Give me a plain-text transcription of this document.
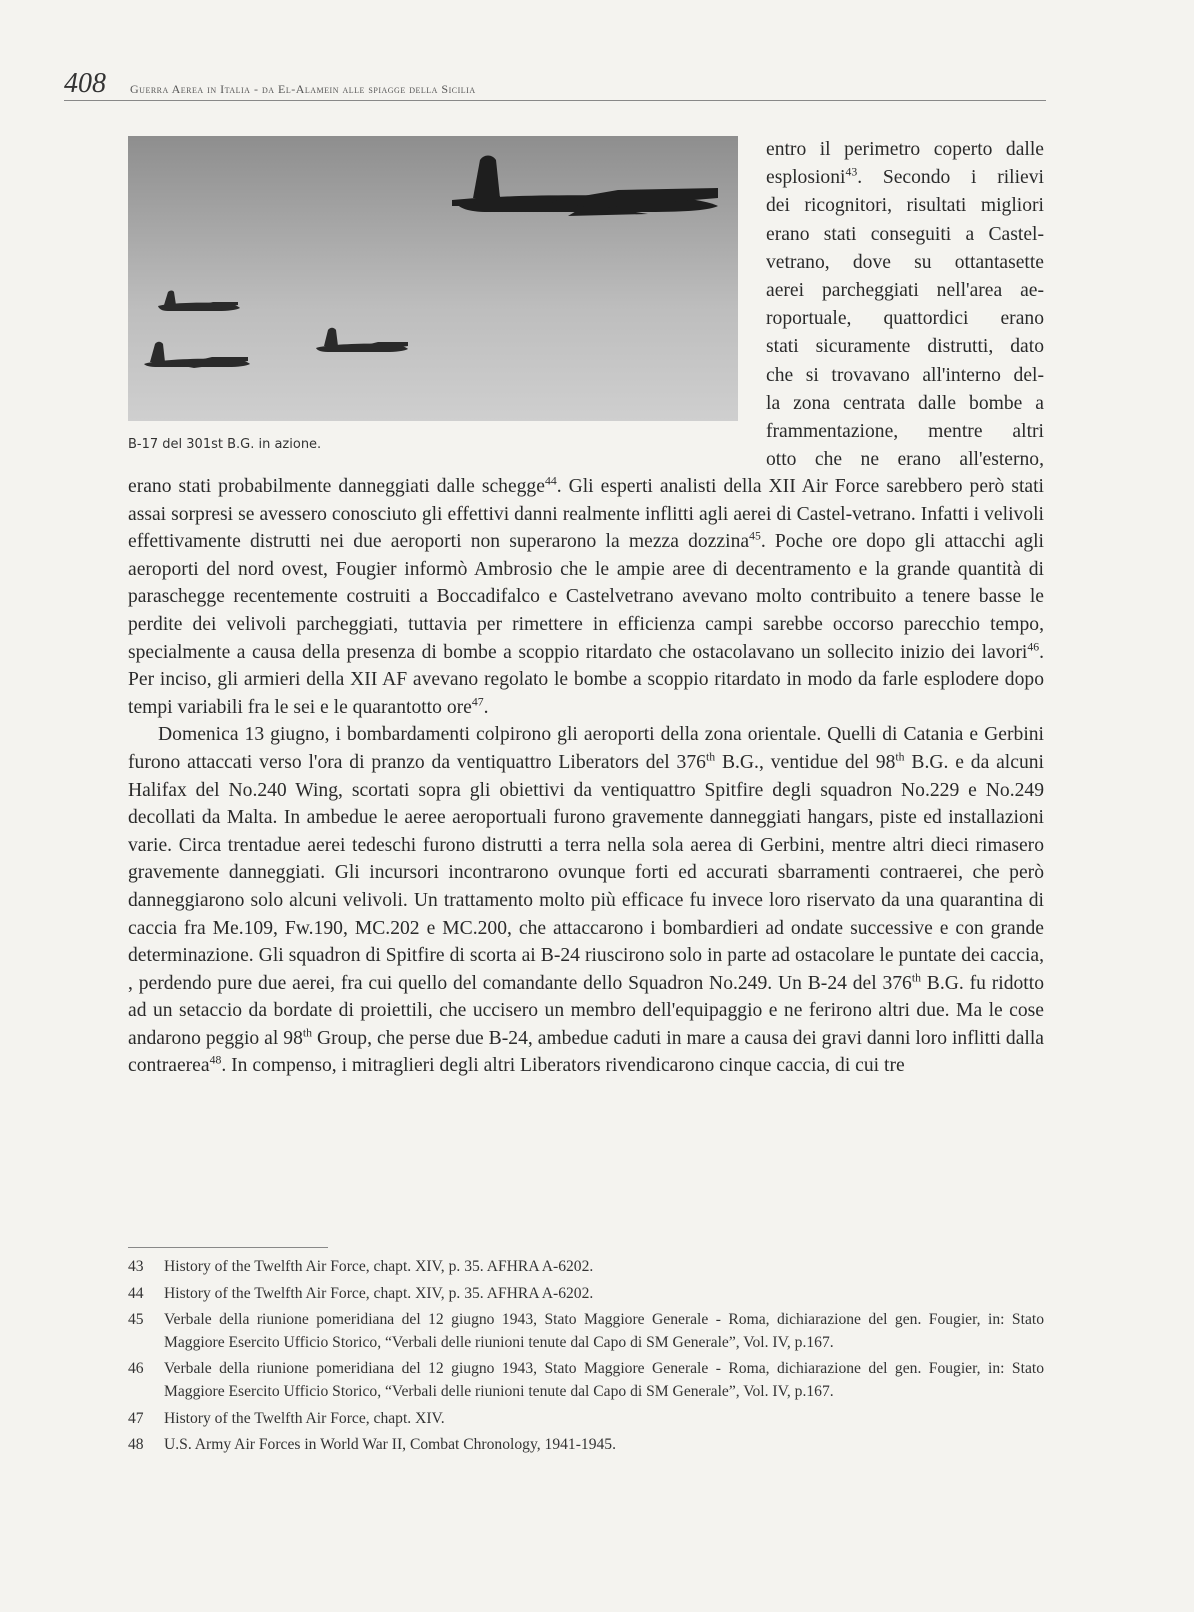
408 Guerra Aerea in Italia - da El-Alamein alle spiagge della Sicilia
B-17 del 301st B.G. in azione.
entro il perimetro coperto dalle
esplosioni$^{43}$. Secondo i rilievi
dei ricognitori, risultati migliori
erano stati conseguiti a Castel-
vetrano, dove su ottantasette
aerei parcheggiati nell'area ae-
roportuale, quattordici erano
stati sicuramente distrutti, dato
che si trovavano all'interno del-
la zona centrata dalle bombe a
frammentazione, mentre altri
otto che ne erano all'esterno,

erano stati probabilmente danneggiati dalle schegge$^{44}$. Gli esperti analisti della XII Air Force sarebbero però stati assai sorpresi se avessero conosciuto gli effettivi danni realmente inflitti agli aerei di Castel-vetrano. Infatti i velivoli effettivamente distrutti nei due aeroporti non superarono la mezza dozzina$^{45}$. Poche ore dopo gli attacchi agli aeroporti del nord ovest, Fougier informò Ambrosio che le ampie aree di decentramento e la grande quantità di paraschegge recentemente costruiti a Boccadifalco e Castelvetrano avevano molto contribuito a tenere basse le perdite dei velivoli parcheggiati, tuttavia per rimettere in efficienza campi sarebbe occorso parecchio tempo, specialmente a causa della presenza di bombe a scoppio ritardato che ostacolavano un sollecito inizio dei lavori$^{46}$. Per inciso, gli armieri della XII AF avevano regolato le bombe a scoppio ritardato in modo da farle esplodere dopo tempi variabili fra le sei e le quarantotto ore$^{47}$.

Domenica 13 giugno, i bombardamenti colpirono gli aeroporti della zona orientale. Quelli di Catania e Gerbini furono attaccati verso l'ora di pranzo da ventiquattro Liberators del 376th B.G., ventidue del 98th B.G. e da alcuni Halifax del No.240 Wing, scortati sopra gli obiettivi da ventiquattro Spitfire degli squadron No.229 e No.249 decollati da Malta. In ambedue le aeree aeroportuali furono gravemente danneggiati hangars, piste ed installazioni varie. Circa trentadue aerei tedeschi furono distrutti a terra nella sola aerea di Gerbini, mentre altri dieci rimasero gravemente danneggiati. Gli incursori incontrarono ovunque forti ed accurati sbarramenti contraerei, che però danneggiarono solo alcuni velivoli. Un trattamento molto più efficace fu invece loro riservato da una quarantina di caccia fra Me.109, Fw.190, MC.202 e MC.200, che attaccarono i bombardieri ad ondate successive e con grande determinazione. Gli squadron di Spitfire di scorta ai B-24 riuscirono solo in parte ad ostacolare le puntate dei caccia, , perdendo pure due aerei, fra cui quello del comandante dello Squadron No.249. Un B-24 del 376th B.G. fu ridotto ad un setaccio da bordate di proiettili, che uccisero un membro dell'equipaggio e ne ferirono altri due. Ma le cose andarono peggio al 98th Group, che perse due B-24, ambedue caduti in mare a causa dei gravi danni loro inflitti dalla contraerea$^{48}$. In compenso, i mitraglieri degli altri Liberators rivendicarono cinque caccia, di cui tre

43 History of the Twelfth Air Force, chapt. XIV, p. 35. AFHRA A-6202.
44 History of the Twelfth Air Force, chapt. XIV, p. 35. AFHRA A-6202.
45 Verbale della riunione pomeridiana del 12 giugno 1943, Stato Maggiore Generale - Roma, dichiarazione del gen. Fougier, in: Stato Maggiore Esercito Ufficio Storico, “Verbali delle riunioni tenute dal Capo di SM Generale”, Vol. IV, p.167.
46 Verbale della riunione pomeridiana del 12 giugno 1943, Stato Maggiore Generale - Roma, dichiarazione del gen. Fougier, in: Stato Maggiore Esercito Ufficio Storico, “Verbali delle riunioni tenute dal Capo di SM Generale”, Vol. IV, p.167.
47 History of the Twelfth Air Force, chapt. XIV.
48 U.S. Army Air Forces in World War II, Combat Chronology, 1941-1945.
